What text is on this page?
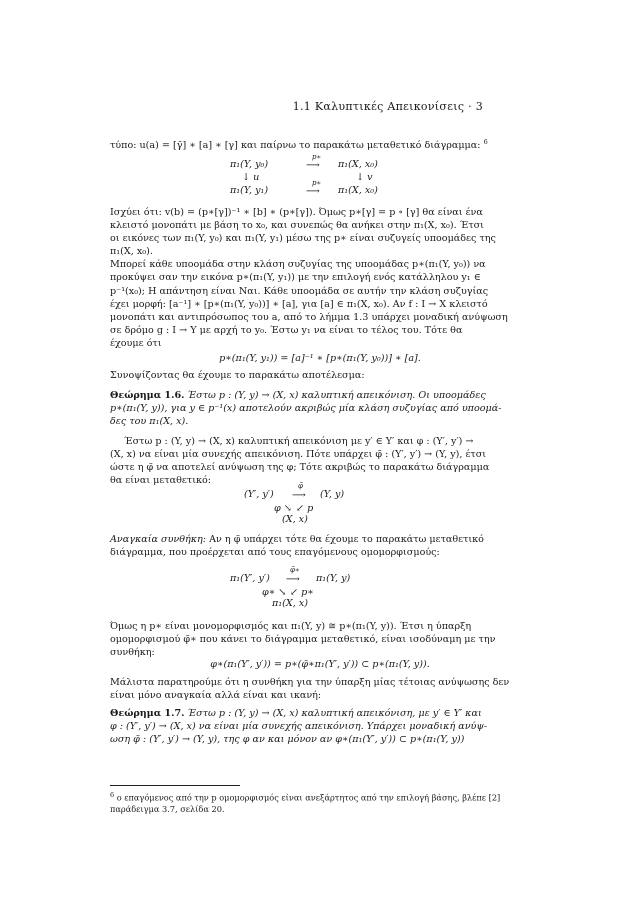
1.1 Καλυπτικές Απεικονίσεις · 3

τύπο: u(a) = [γ̄] ∗ [a] ∗ [γ] και παίρνω το παρακάτω μεταθετικό διάγραμμα: $^6$

π₁(Y, y₀)
p∗
⟶ π₁(X, x₀)
↓ u	↓ v
π₁(Y, y₁)
p∗
⟶ π₁(X, x₀)
Ισχύει ότι: v(b) = (p∗[γ])⁻¹ ∗ [b] ∗ (p∗[γ]). Όμως p∗[γ] = p ∘ [γ] θα είναι ένα
κλειστό μονοπάτι με βάση το x₀, και συνεπώς θα ανήκει στην π₁(X, x₀). Έτσι
οι εικόνες των π₁(Y, y₀) και π₁(Y, y₁) μέσω της p∗ είναι συζυγείς υποομάδες της
π₁(X, x₀).
Μπορεί κάθε υποομάδα στην κλάση συζυγίας της υποομάδας p∗(π₁(Y, y₀)) να
προκύψει σαν την εικόνα p∗(π₁(Y, y₁)) με την επιλογή ενός κατάλληλου y₁ ∈
p⁻¹(x₀); Η απάντηση είναι Ναι. Κάθε υποομάδα σε αυτήν την κλάση συζυγίας
έχει μορφή: [a⁻¹] ∗ [p∗(π₁(Y, y₀))] ∗ [a], για [a] ∈ π₁(X, x₀). Αν f : I → X κλειστό
μονοπάτι και αντιπρόσωπος του a, από το λήμμα 1.3 υπάρχει μοναδική ανύψωση
σε δρόμο g : I → Y με αρχή το y₀. Έστω y₁ να είναι το τέλος του. Τότε θα
έχουμε ότι
p∗(π₁(Y, y₁)) = [a]⁻¹ ∗ [p∗(π₁(Y, y₀))] ∗ [a].
Συνοψίζοντας θα έχουμε το παρακάτω αποτέλεσμα:
Θεώρημα 1.6. Έστω p : (Y, y) → (X, x) καλυπτική απεικόνιση. Οι υποομάδες
p∗(π₁(Y, y)), για y ∈ p⁻¹(x) αποτελούν ακριβώς μία κλάση συζυγίας από υποομά-
δες του π₁(X, x).
Έστω p : (Y, y) → (X, x) καλυπτική απεικόνιση με y′ ∈ Y′ και φ : (Y′, y′) →
(X, x) να είναι μία συνεχής απεικόνιση. Πότε υπάρχει φ̃ : (Y′, y′) → (Y, y), έτσι
ώστε η φ̃ να αποτελεί ανύψωση της φ; Τότε ακριβώς το παρακάτω διάγραμμα
θα είναι μεταθετικό:
(Y′, y′)
φ̃
⟶ (Y, y)
φ ↘ ↙ p
(X, x)
Αναγκαία συνθήκη: Αν η φ̃ υπάρχει τότε θα έχουμε το παρακάτω μεταθετικό
διάγραμμα, που προέρχεται από τους επαγόμενους ομομορφισμούς:
π₁(Y′, y′)
φ̃∗
⟶ π₁(Y, y)
φ∗ ↘ ↙ p∗
π₁(X, x)
Όμως η p∗ είναι μονομορφισμός και π₁(Y, y) ≅ p∗(π₁(Y, y)). Έτσι η ύπαρξη
ομομορφισμού φ̃∗ που κάνει το διάγραμμα μεταθετικό, είναι ισοδύναμη με την
συνθήκη:
φ∗(π₁(Y′, y′)) = p∗(φ̃∗π₁(Y′, y′)) ⊂ p∗(π₁(Y, y)).
Μάλιστα παρατηρούμε ότι η συνθήκη για την ύπαρξη μίας τέτοιας ανύψωσης δεν
είναι μόνο αναγκαία αλλά είναι και ικανή:
Θεώρημα 1.7. Έστω p : (Y, y) → (X, x) καλυπτική απεικόνιση, με y′ ∈ Y′ και
φ : (Y′, y′) → (X, x) να είναι μία συνεχής απεικόνιση. Υπάρχει μοναδική ανύψ-
ωση φ̃ : (Y′, y′) → (Y, y), της φ αν και μόνον αν φ∗(π₁(Y′, y′)) ⊂ p∗(π₁(Y, y))
$^6$ ο επαγόμενος από την p ομομορφισμός είναι ανεξάρτητος από την επιλογή βάσης, βλέπε [2]
παράδειγμα 3.7, σελίδα 20.
